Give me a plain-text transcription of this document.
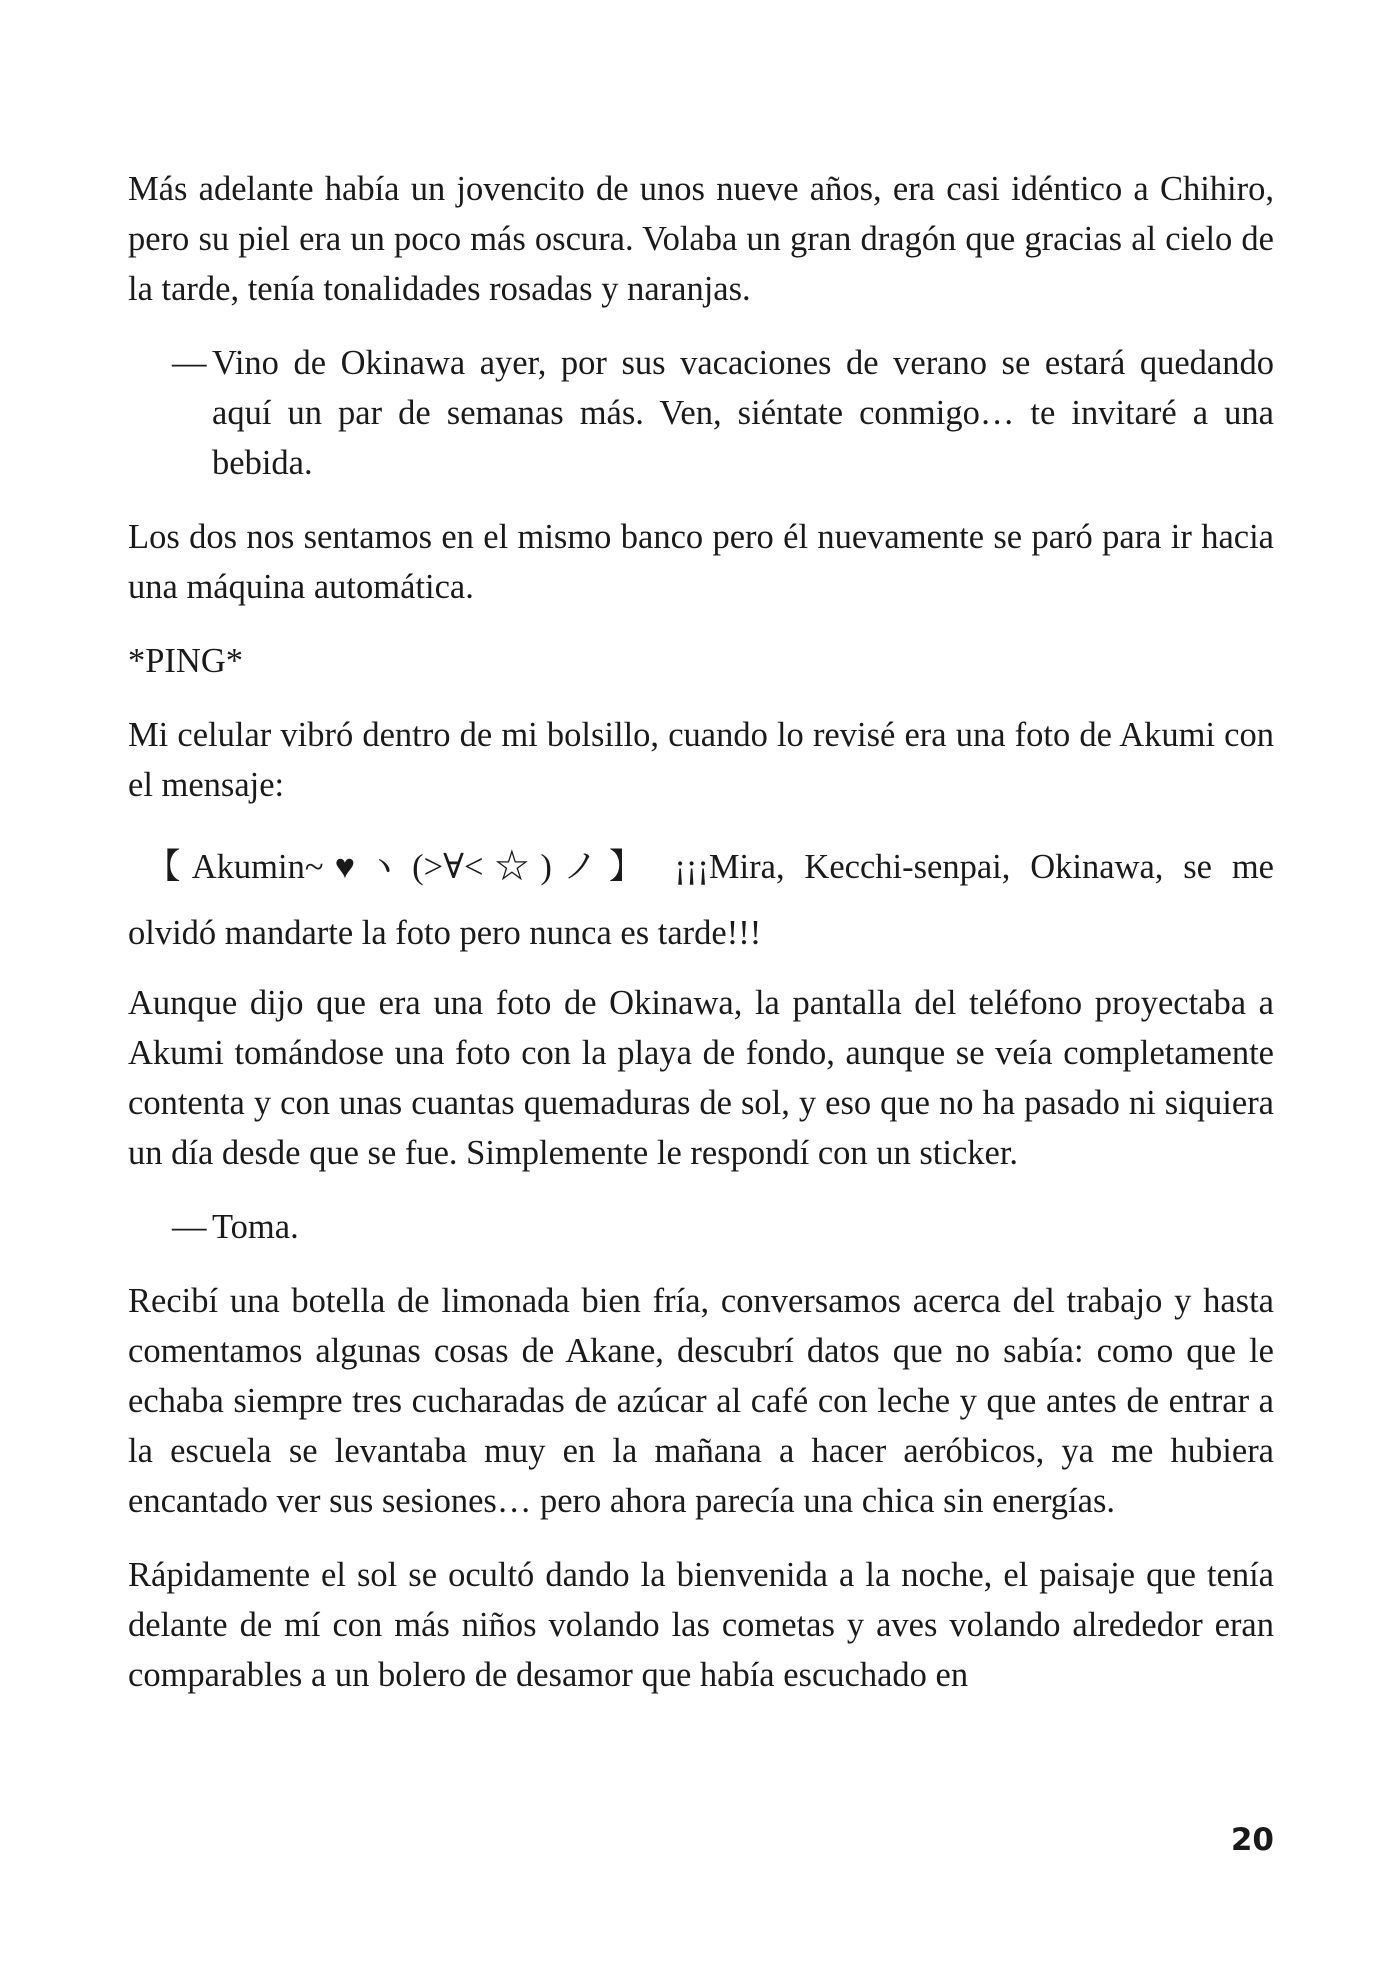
Más adelante había un jovencito de unos nueve años, era casi idéntico a Chihiro, pero su piel era un poco más oscura. Volaba un gran dragón que gracias al cielo de la tarde, tenía tonalidades rosadas y naranjas.

— Vino de Okinawa ayer, por sus vacaciones de verano se estará quedando aquí un par de semanas más. Ven, siéntate conmigo… te invitaré a una bebida.

Los dos nos sentamos en el mismo banco pero él nuevamente se paró para ir hacia una máquina automática.

*PING*

Mi celular vibró dentro de mi bolsillo, cuando lo revisé era una foto de Akumi con el mensaje:

【Akumin~♥ヽ(>∀<☆)ノ】 ¡¡¡Mira, Kecchi-senpai, Okinawa, se me
olvidó mandarte la foto pero nunca es tarde!!!

Aunque dijo que era una foto de Okinawa, la pantalla del teléfono proyectaba a Akumi tomándose una foto con la playa de fondo, aunque se veía completamente contenta y con unas cuantas quemaduras de sol, y eso que no ha pasado ni siquiera un día desde que se fue. Simplemente le respondí con un sticker.

— Toma.

Recibí una botella de limonada bien fría, conversamos acerca del trabajo y hasta comentamos algunas cosas de Akane, descubrí datos que no sabía: como que le echaba siempre tres cucharadas de azúcar al café con leche y que antes de entrar a la escuela se levantaba muy en la mañana a hacer aeróbicos, ya me hubiera encantado ver sus sesiones… pero ahora parecía una chica sin energías.

Rápidamente el sol se ocultó dando la bienvenida a la noche, el paisaje que tenía delante de mí con más niños volando las cometas y aves volando alrededor eran comparables a un bolero de desamor que había escuchado en

20
